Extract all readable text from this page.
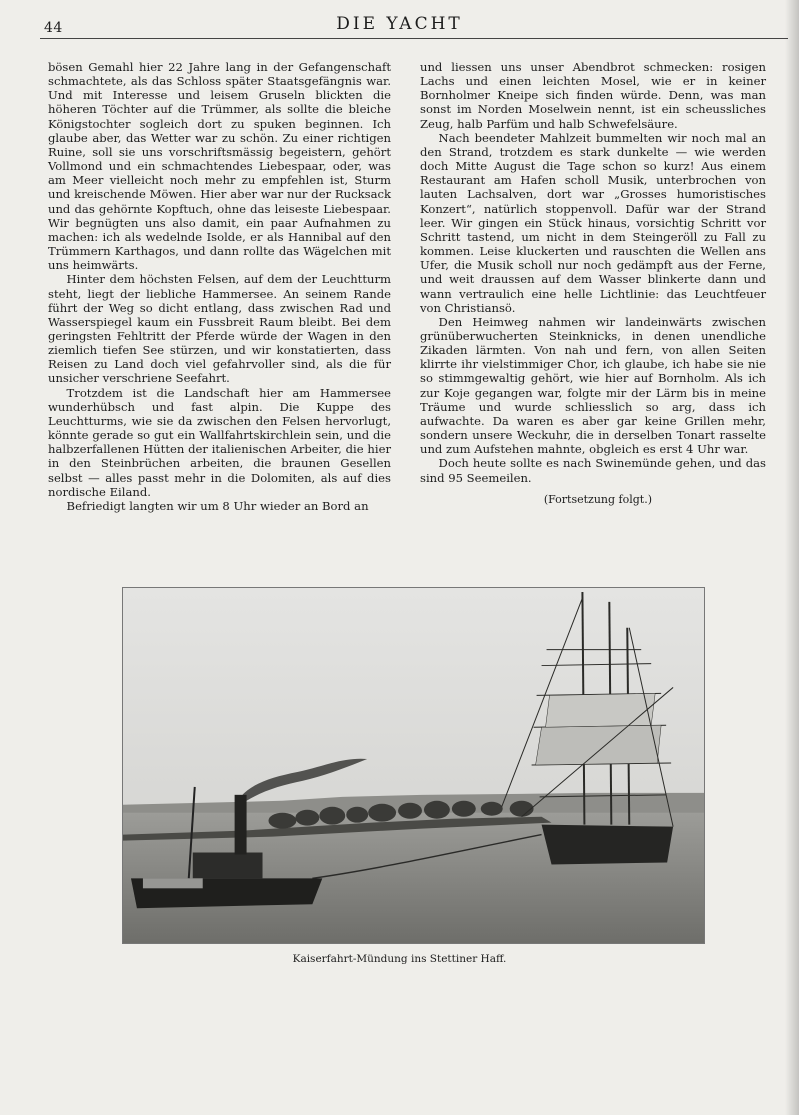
44	DIE YACHT

bösen Gemahl hier 22 Jahre lang in der Gefangenschaft schmachtete, als das Schloss später Staatsgefängnis war. Und mit Interesse und leisem Gruseln blickten die höheren Töchter auf die Trümmer, als sollte die bleiche Königstochter sogleich dort zu spuken beginnen. Ich glaube aber, das Wetter war zu schön. Zu einer richtigen Ruine, soll sie uns vorschriftsmässig begeistern, gehört Vollmond und ein schmachtendes Liebespaar, oder, was am Meer vielleicht noch mehr zu empfehlen ist, Sturm und kreischende Möwen. Hier aber war nur der Rucksack und das gehörnte Kopftuch, ohne das leiseste Liebespaar. Wir begnügten uns also damit, ein paar Aufnahmen zu machen: ich als wedelnde Isolde, er als Hannibal auf den Trümmern Karthagos, und dann rollte das Wägelchen mit uns heimwärts.

Hinter dem höchsten Felsen, auf dem der Leuchtturm steht, liegt der liebliche Hammersee. An seinem Rande führt der Weg so dicht entlang, dass zwischen Rad und Wasserspiegel kaum ein Fussbreit Raum bleibt. Bei dem geringsten Fehltritt der Pferde würde der Wagen in den ziemlich tiefen See stürzen, und wir konstatierten, dass Reisen zu Land doch viel gefahrvoller sind, als die für unsicher verschriene Seefahrt.

Trotzdem ist die Landschaft hier am Hammersee wunderhübsch und fast alpin. Die Kuppe des Leuchtturms, wie sie da zwischen den Felsen hervorlugt, könnte gerade so gut ein Wallfahrtskirchlein sein, und die halbzerfallenen Hütten der italienischen Arbeiter, die hier in den Steinbrüchen arbeiten, die braunen Gesellen selbst — alles passt mehr in die Dolomiten, als auf dies nordische Eiland.

Befriedigt langten wir um 8 Uhr wieder an Bord an

und liessen uns unser Abendbrot schmecken: rosigen Lachs und einen leichten Mosel, wie er in keiner Bornholmer Kneipe sich finden würde. Denn, was man sonst im Norden Moselwein nennt, ist ein scheussliches Zeug, halb Parfüm und halb Schwefelsäure.

Nach beendeter Mahlzeit bummelten wir noch mal an den Strand, trotzdem es stark dunkelte — wie werden doch Mitte August die Tage schon so kurz! Aus einem Restaurant am Hafen scholl Musik, unterbrochen von lauten Lachsalven, dort war „Grosses humoristisches Konzert“, natürlich stoppenvoll. Dafür war der Strand leer. Wir gingen ein Stück hinaus, vorsichtig Schritt vor Schritt tastend, um nicht in dem Steingeröll zu Fall zu kommen. Leise kluckerten und rauschten die Wellen ans Ufer, die Musik scholl nur noch gedämpft aus der Ferne, und weit draussen auf dem Wasser blinkerte dann und wann vertraulich eine helle Lichtlinie: das Leuchtfeuer von Christiansö.

Den Heimweg nahmen wir landeinwärts zwischen grünüberwucherten Steinknicks, in denen unendliche Zikaden lärmten. Von nah und fern, von allen Seiten klirrte ihr vielstimmiger Chor, ich glaube, ich habe sie nie so stimmgewaltig gehört, wie hier auf Bornholm. Als ich zur Koje gegangen war, folgte mir der Lärm bis in meine Träume und wurde schliesslich so arg, dass ich aufwachte. Da waren es aber gar keine Grillen mehr, sondern unsere Weckuhr, die in derselben Tonart rasselte und zum Aufstehen mahnte, obgleich es erst 4 Uhr war.

Doch heute sollte es nach Swinemünde gehen, und das sind 95 Seemeilen.

(Fortsetzung folgt.)
Kaiserfahrt-Mündung ins Stettiner Haff.
